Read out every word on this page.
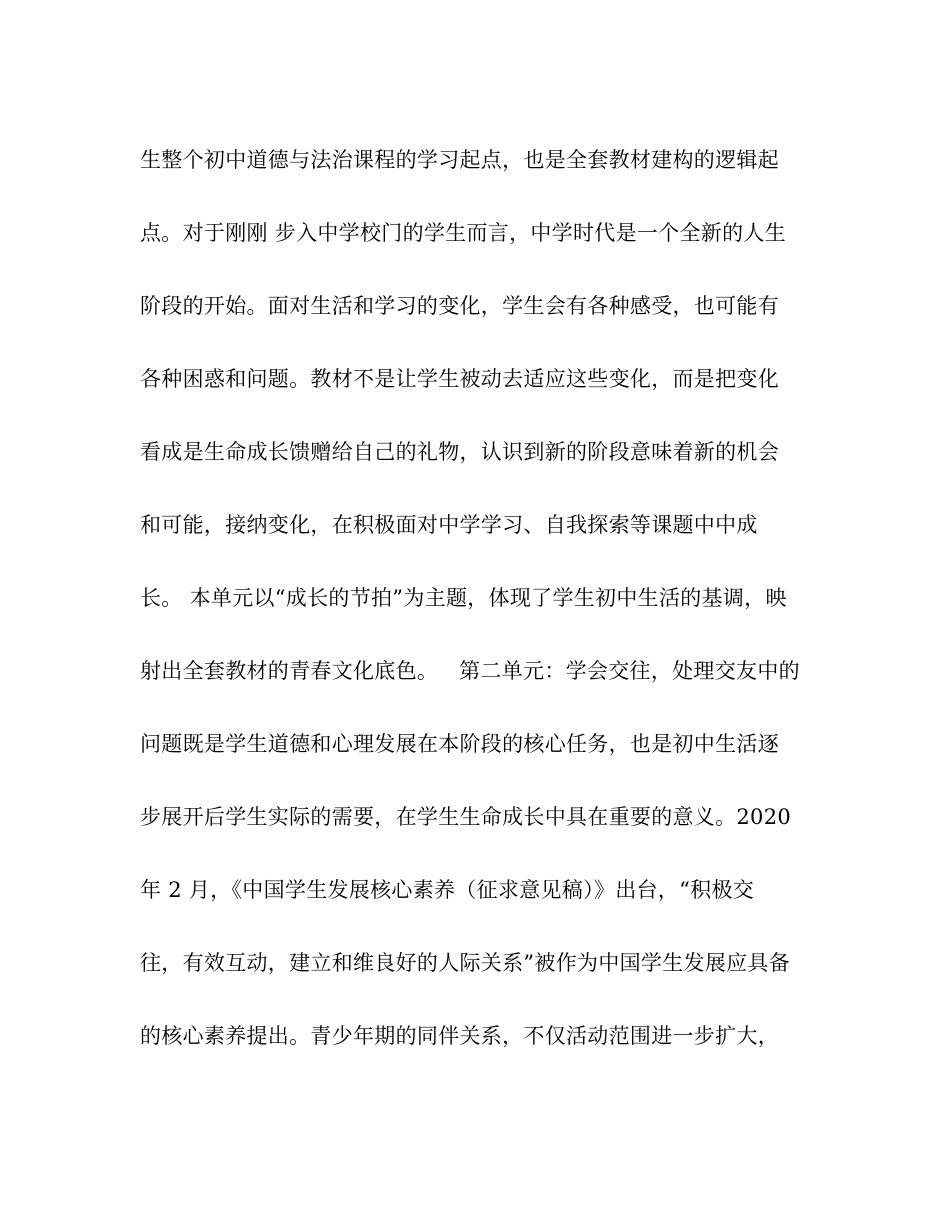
生整个初中道德与法治课程的学习起点，也是全套教材建构的逻辑起
点。对于刚刚 步入中学校门的学生而言，中学时代是一个全新的人生
阶段的开始。面对生活和学习的变化，学生会有各种感受，也可能有
各种困惑和问题。教材不是让学生被动去适应这些变化，而是把变化
看成是生命成长馈赠给自己的礼物，认识到新的阶段意味着新的机会
和可能，接纳变化，在积极面对中学学习、自我探索等课题中中成
长。 本单元以“成长的节拍”为主题，体现了学生初中生活的基调，映
射出全套教材的青春文化底色。   第二单元：学会交往，处理交友中的
问题既是学生道德和心理发展在本阶段的核心任务，也是初中生活逐
步展开后学生实际的需要，在学生生命成长中具在重要的意义。2020
年 2 月，《中国学生发展核心素养（征求意见稿）》出台，“积极交
往，有效互动，建立和维良好的人际关系”被作为中国学生发展应具备
的核心素养提出。青少年期的同伴关系，不仅活动范围进一步扩大，
